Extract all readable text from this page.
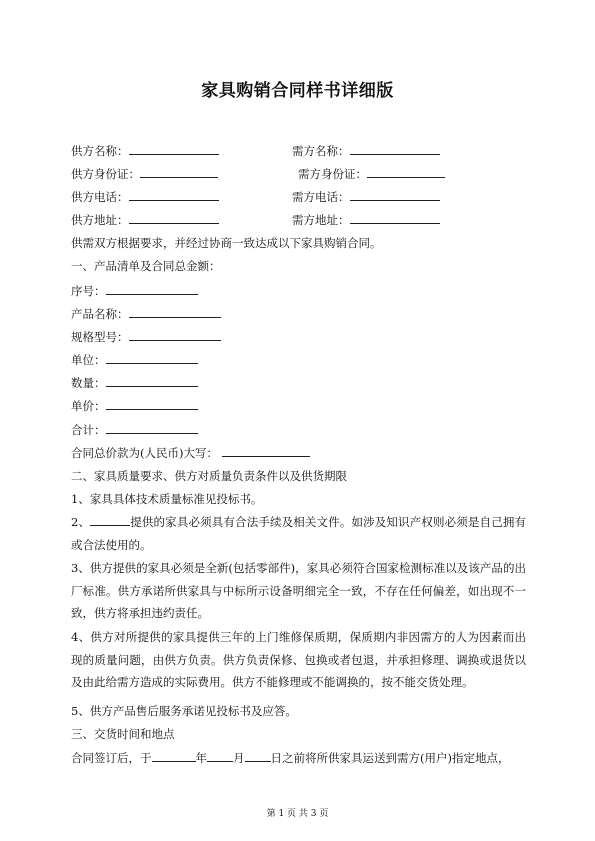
家具购销合同样书详细版
供方名称：	需方名称：
供方身份证：	需方身份证：
供方电话：	需方电话：
供方地址：	需方地址：
供需双方根据要求，并经过协商一致达成以下家具购销合同。
一、产品清单及合同总金额：
序号：
产品名称：
规格型号：
单位：
数量：
单价：
合计：
合同总价款为(人民币)大写：
二、家具质量要求、供方对质量负责条件以及供货期限
1、家具具体技术质量标准见投标书。
2、	提供的家具必须具有合法手续及相关文件。如涉及知识产权则必须是自己拥有或合法使用的。
3、供方提供的家具必须是全新(包括零部件)，家具必须符合国家检测标准以及该产品的出厂标准。供方承诺所供家具与中标所示设备明细完全一致，不存在任何偏差，如出现不一致，供方将承担违约责任。
4、供方对所提供的家具提供三年的上门维修保质期，保质期内非因需方的人为因素而出现的质量问题，由供方负责。供方负责保修、包换或者包退，并承担修理、调换或退货以及由此给需方造成的实际费用。供方不能修理或不能调换的，按不能交货处理。
5、供方产品售后服务承诺见投标书及应答。
三、交货时间和地点
合同签订后，于	年 月 日之前将所供家具运送到需方(用户)指定地点，
第 1 页 共 3 页
